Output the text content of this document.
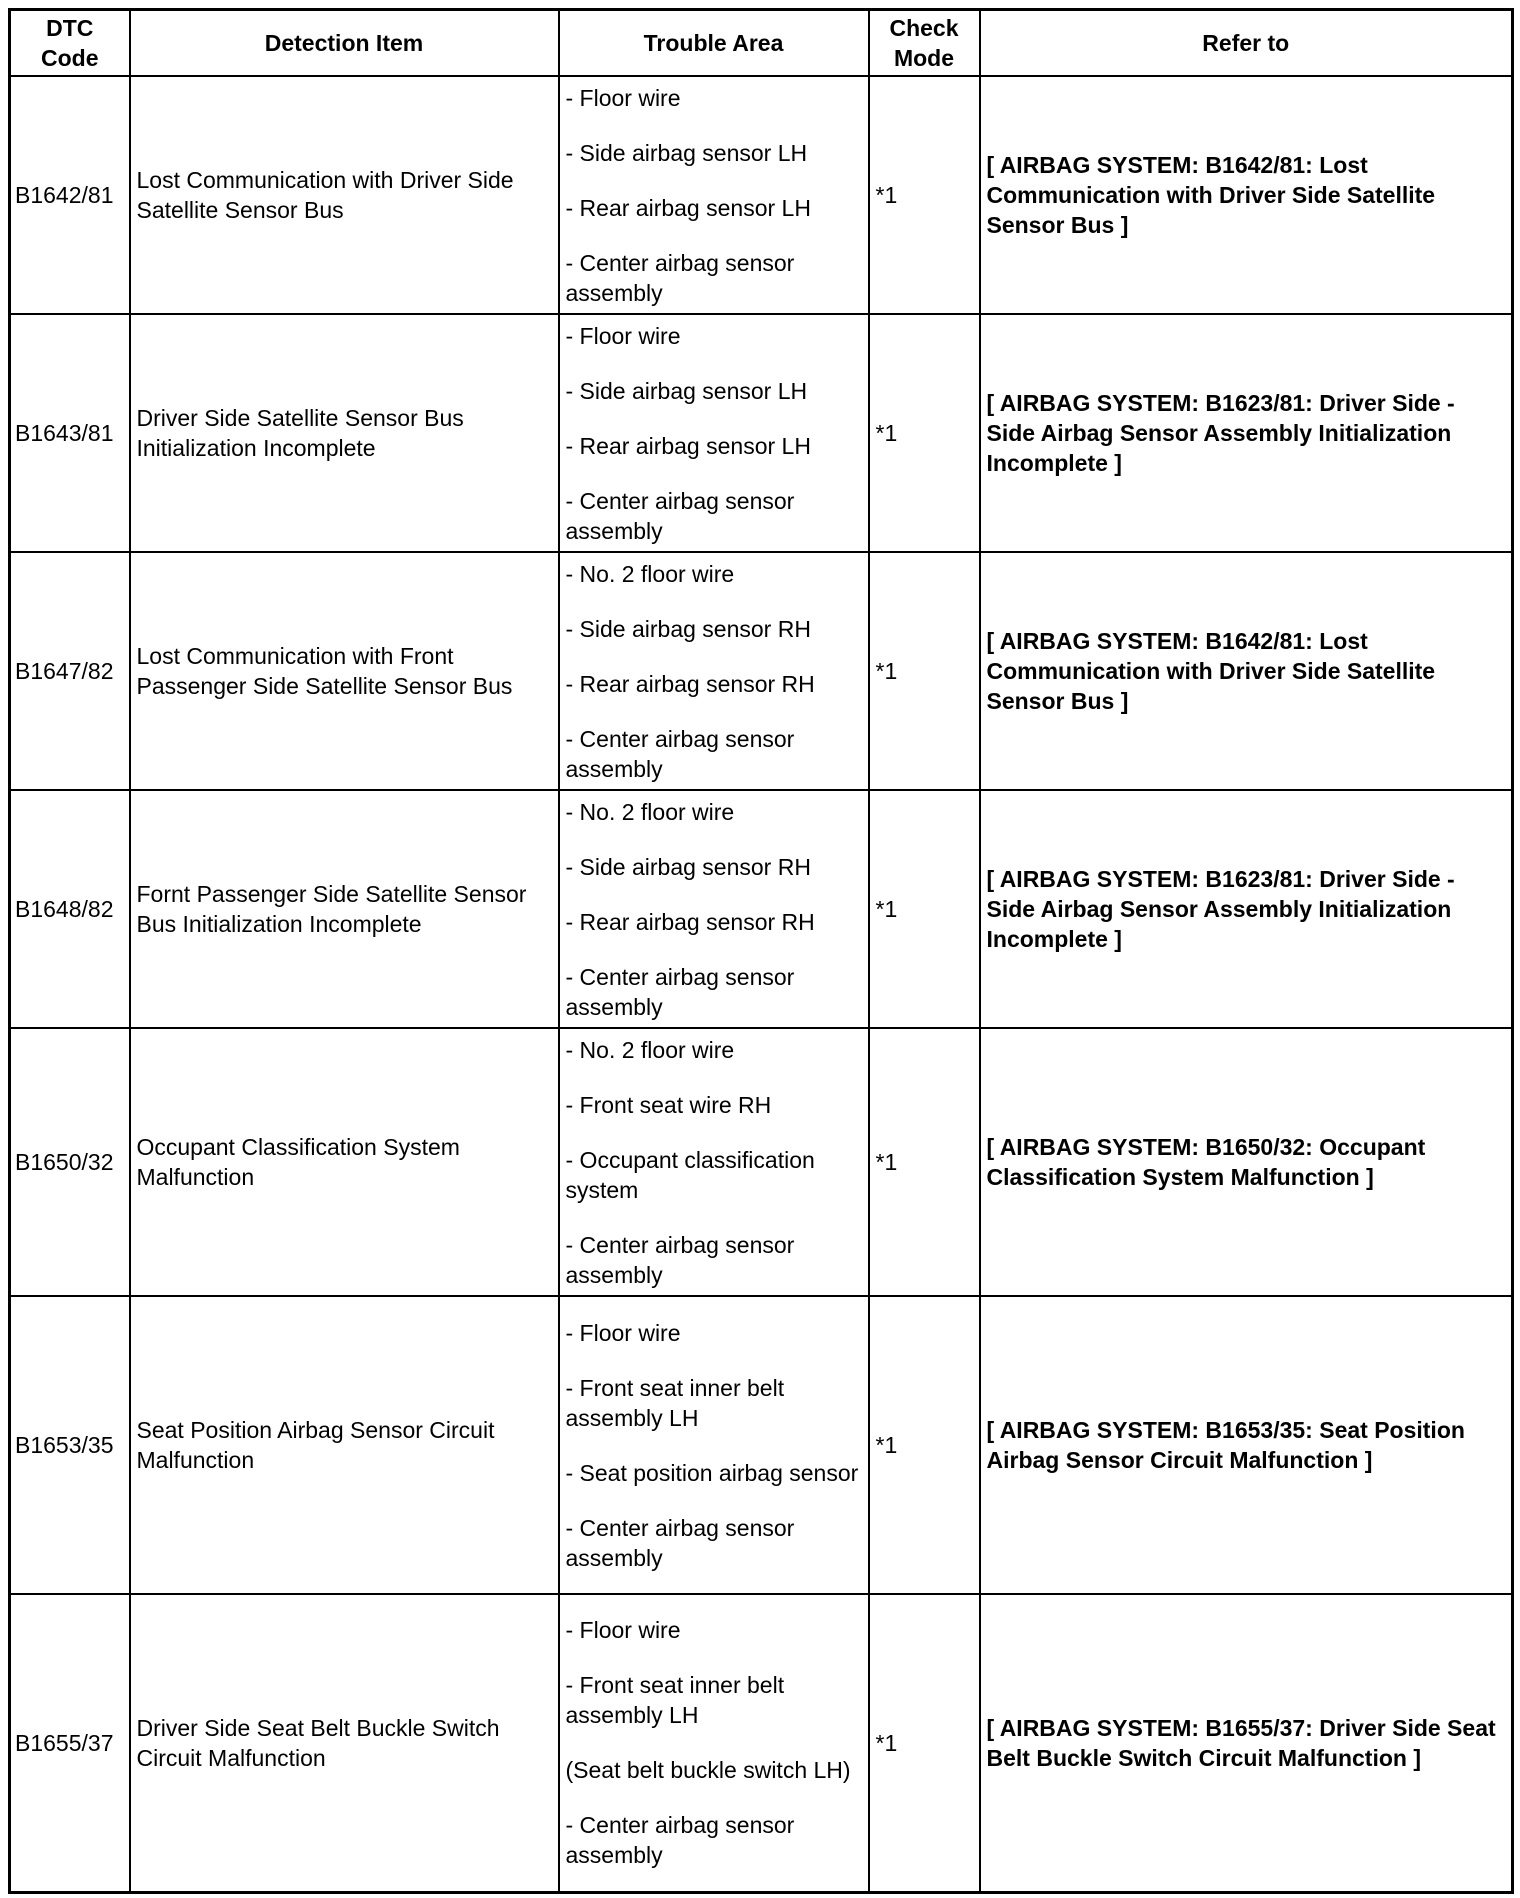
DTC Code	Detection Item	Trouble Area	Check Mode	Refer to
B1642/81	Lost Communication with Driver Side Satellite Sensor Bus	- Floor wire
- Side airbag sensor LH
- Rear airbag sensor LH
- Center airbag sensor assembly	*1	[ AIRBAG SYSTEM: B1642/81: Lost Communication with Driver Side Satellite Sensor Bus ]
B1643/81	Driver Side Satellite Sensor Bus Initialization Incomplete	- Floor wire
- Side airbag sensor LH
- Rear airbag sensor LH
- Center airbag sensor assembly	*1	[ AIRBAG SYSTEM: B1623/81: Driver Side - Side Airbag Sensor Assembly Initialization Incomplete ]
B1647/82	Lost Communication with Front Passenger Side Satellite Sensor Bus	- No. 2 floor wire
- Side airbag sensor RH
- Rear airbag sensor RH
- Center airbag sensor assembly	*1	[ AIRBAG SYSTEM: B1642/81: Lost Communication with Driver Side Satellite Sensor Bus ]
B1648/82	Fornt Passenger Side Satellite Sensor Bus Initialization Incomplete	- No. 2 floor wire
- Side airbag sensor RH
- Rear airbag sensor RH
- Center airbag sensor assembly	*1	[ AIRBAG SYSTEM: B1623/81: Driver Side - Side Airbag Sensor Assembly Initialization Incomplete ]
B1650/32	Occupant Classification System Malfunction	- No. 2 floor wire
- Front seat wire RH
- Occupant classification system
- Center airbag sensor assembly	*1	[ AIRBAG SYSTEM: B1650/32: Occupant Classification System Malfunction ]
B1653/35	Seat Position Airbag Sensor Circuit Malfunction	- Floor wire
- Front seat inner belt assembly LH
- Seat position airbag sensor
- Center airbag sensor assembly	*1	[ AIRBAG SYSTEM: B1653/35: Seat Position Airbag Sensor Circuit Malfunction ]
B1655/37	Driver Side Seat Belt Buckle Switch Circuit Malfunction	- Floor wire
- Front seat inner belt assembly LH
(Seat belt buckle switch LH)
- Center airbag sensor assembly	*1	[ AIRBAG SYSTEM: B1655/37: Driver Side Seat Belt Buckle Switch Circuit Malfunction ]
